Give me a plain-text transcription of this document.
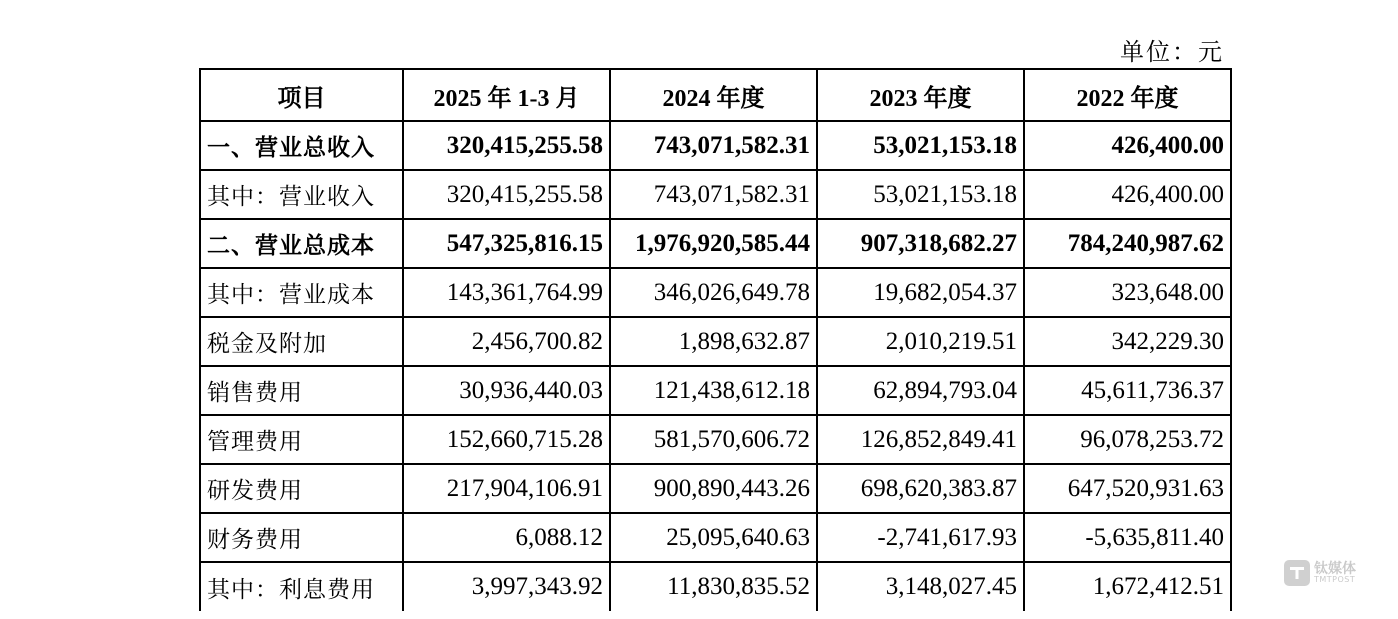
单位：元
项目	2025 年 1-3 月	2024 年度	2023 年度	2022 年度
一、营业总收入	320,415,255.58	743,071,582.31	53,021,153.18	426,400.00
其中：营业收入	320,415,255.58	743,071,582.31	53,021,153.18	426,400.00
二、营业总成本	547,325,816.15	1,976,920,585.44	907,318,682.27	784,240,987.62
其中：营业成本	143,361,764.99	346,026,649.78	19,682,054.37	323,648.00
税金及附加	2,456,700.82	1,898,632.87	2,010,219.51	342,229.30
销售费用	30,936,440.03	121,438,612.18	62,894,793.04	45,611,736.37
管理费用	152,660,715.28	581,570,606.72	126,852,849.41	96,078,253.72
研发费用	217,904,106.91	900,890,443.26	698,620,383.87	647,520,931.63
财务费用	6,088.12	25,095,640.63	-2,741,617.93	-5,635,811.40
其中：利息费用	3,997,343.92	11,830,835.52	3,148,027.45	1,672,412.51
钛媒体
TMTPOST
